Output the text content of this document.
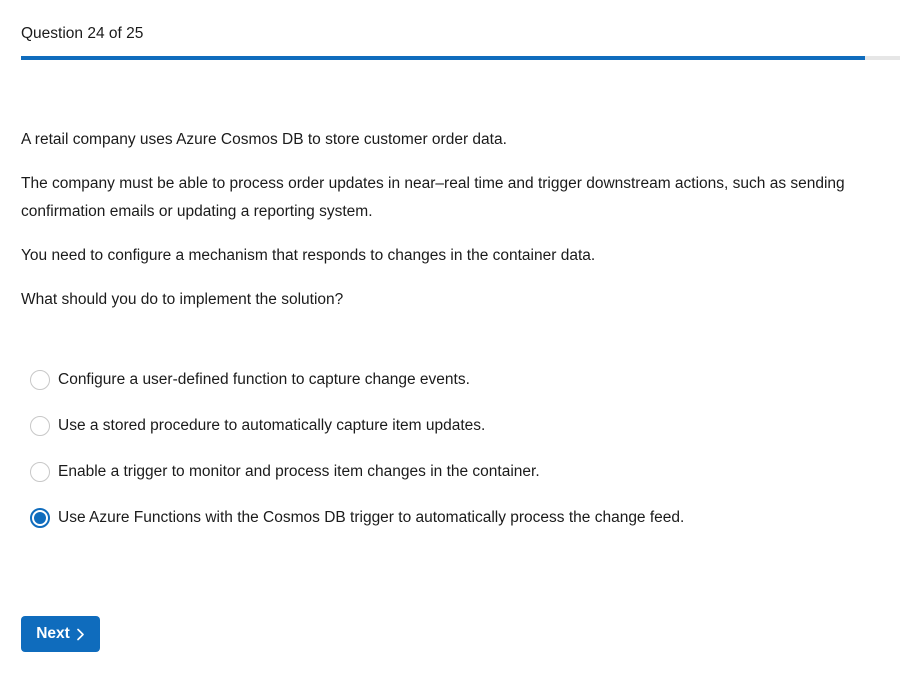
Question 24 of 25

A retail company uses Azure Cosmos DB to store customer order data.

The company must be able to process order updates in near–real time and trigger downstream actions, such as sending confirmation emails or updating a reporting system.

You need to configure a mechanism that responds to changes in the container data.

What should you do to implement the solution?

Configure a user-defined function to capture change events.
Use a stored procedure to automatically capture item updates.
Enable a trigger to monitor and process item changes in the container.
Use Azure Functions with the Cosmos DB trigger to automatically process the change feed.
Next
